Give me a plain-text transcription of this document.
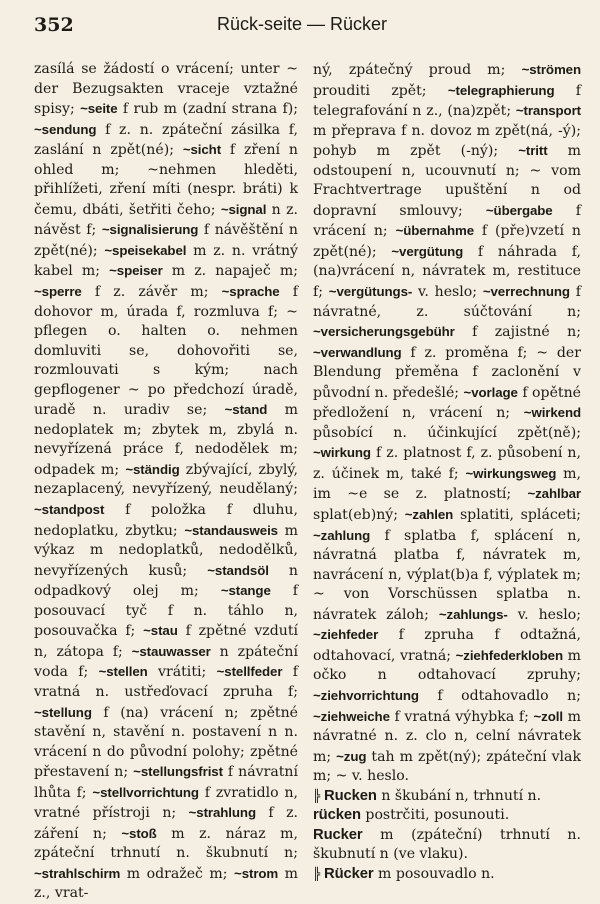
352	Rück-seite — Rücker
zasílá se žádostí o vrácení; unter ~ der Bezugsakten vraceje vztažné spisy; ~seite f rub m (zadní strana f); ~sendung f z. n. zpáteční zásilka f, zaslání n zpět(né); ~sicht f zření n ohled m; ~nehmen hleděti, přihlížeti, zření míti (nespr. bráti) k čemu, dbáti, šetřiti čeho; ~signal n z. návěst f; ~signalisierung f návěštění n zpět(né); ~speisekabel m z. n. vrátný kabel m; ~speiser m z. napaječ m; ~sperre f z. závěr m; ~sprache f dohovor m, úrada f, rozmluva f; ~ pflegen o. halten o. nehmen domluviti se, dohovořiti se, rozmlouvati s kým; nach gepflogener ~ po předchozí úradě, uradě n. uradiv se; ~stand m nedoplatek m; zbytek m, zbylá n. nevyřízená práce f, nedodělek m; odpadek m; ~ständig zbývající, zbylý, nezaplacený, nevyřízený, neudělaný; ~standpost f položka f dluhu, nedoplatku, zbytku; ~standausweis m výkaz m nedoplatků, nedodělků, nevyřízených kusů; ~standsöl n odpadkový olej m; ~stange f posouvací tyč f n. táhlo n, posouvačka f; ~stau f zpětné vzdutí n, zátopa f; ~stauwasser n zpáteční voda f; ~stellen vrátiti; ~stellfeder f vratná n. ustřeďovací zpruha f; ~stellung f (na) vrácení n; zpětné stavění n, stavění n. postavení n n. vrácení n do původní polohy; zpětné přestavení n; ~stellungsfrist f návratní lhůta f; ~stellvorrichtung f zvratidlo n, vratné přístroji n; ~strahlung f z. záření n; ~stoß m z. náraz m, zpáteční trhnutí n. škubnutí n; ~strahlschirm m odražeč m; ~strom m z., vrat-
ný, zpátečný proud m; ~strömen prouditi zpět; ~telegraphierung f telegrafování n z., (na)zpět; ~transport m přeprava f n. dovoz m zpět(ná, -ý); pohyb m zpět (-ný); ~tritt m odstoupení n, ucouvnutí n; ~ vom Frachtvertrage upuštění n od dopravní smlouvy; ~übergabe f vrácení n; ~übernahme f (pře)vzetí n zpět(né); ~vergütung f náhrada f, (na)vrácení n, návratek m, restituce f; ~vergütungs- v. heslo; ~verrechnung f návratné, z. súčtování n; ~versicherungsgebühr f zajistné n; ~verwandlung f z. proměna f; ~ der Blendung přeměna f zaclonění v původní n. předešlé; ~vorlage f opětné předložení n, vrácení n; ~wirkend působící n. účinkující zpět(ně); ~wirkung f z. platnost f, z. působení n, z. účinek m, také f; ~wirkungsweg m, im ~e se z. platností; ~zahlbar splat(eb)ný; ~zahlen splatiti, spláceti; ~zahlung f splatba f, splácení n, návratná platba f, návratek m, navrácení n, výplat(b)a f, výplatek m; ~ von Vorschüssen splatba n. návratek záloh; ~zahlungs- v. heslo; ~ziehfeder f zpruha f odtažná, odtahovací, vratná; ~ziehfederkloben m očko n odtahovací zpruhy; ~ziehvorrichtung f odtahovadlo n; ~ziehweiche f vratná výhybka f; ~zoll m návratné n. z. clo n, celní návratek m; ~zug tah m zpět(ný); zpáteční vlak m; ~ v. heslo.
╠ Rucken n škubání n, trhnutí n.
rücken postrčiti, posunouti.
Rucker m (zpáteční) trhnutí n. škubnutí n (ve vlaku).
╠ Rücker m posouvadlo n.
